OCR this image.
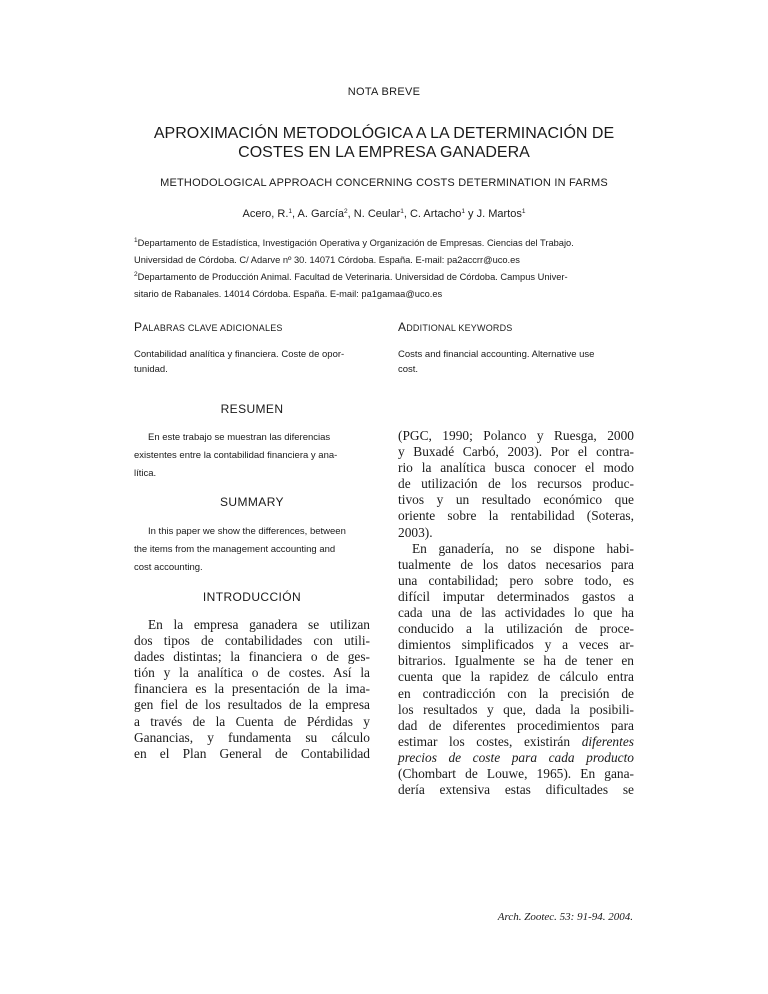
NOTA BREVE
APROXIMACIÓN METODOLÓGICA A LA DETERMINACIÓN DE
COSTES EN LA EMPRESA GANADERA
METHODOLOGICAL APPROACH CONCERNING COSTS DETERMINATION IN FARMS
Acero, R.$^1$, A. García$^2$, N. Ceular$^1$, C. Artacho$^1$ y J. Martos$^1$
$^1$Departamento de Estadística, Investigación Operativa y Organización de Empresas. Ciencias del Trabajo.
Universidad de Córdoba. C/ Adarve nº 30. 14071 Córdoba. España. E-mail: pa2accrr@uco.es
$^2$Departamento de Producción Animal. Facultad de Veterinaria. Universidad de Córdoba. Campus Univer-
sitario de Rabanales. 14014 Córdoba. España. E-mail: pa1gamaa@uco.es
PALABRAS CLAVE ADICIONALES
Contabilidad analítica y financiera. Coste de opor-
tunidad.
ADDITIONAL KEYWORDS
Costs and financial accounting. Alternative use
cost.
RESUMEN
En este trabajo se muestran las diferencias
existentes entre la contabilidad financiera y ana-
lítica.
SUMMARY
In this paper we show the differences, between
the items from the management accounting and
cost accounting.
INTRODUCCIÓN
En la empresa ganadera se utilizan
dos tipos de contabilidades con utili-
dades distintas; la financiera o de ges-
tión y la analítica o de costes. Así la
financiera es la presentación de la ima-
gen fiel de los resultados de la empresa
a través de la Cuenta de Pérdidas y
Ganancias, y fundamenta su cálculo
en el Plan General de Contabilidad
(PGC, 1990; Polanco y Ruesga, 2000
y Buxadé Carbó, 2003). Por el contra-
rio la analítica busca conocer el modo
de utilización de los recursos produc-
tivos y un resultado económico que
oriente sobre la rentabilidad (Soteras,
2003).
En ganadería, no se dispone habi-
tualmente de los datos necesarios para
una contabilidad; pero sobre todo, es
difícil imputar determinados gastos a
cada una de las actividades lo que ha
conducido a la utilización de proce-
dimientos simplificados y a veces ar-
bitrarios. Igualmente se ha de tener en
cuenta que la rapidez de cálculo entra
en contradicción con la precisión de
los resultados y que, dada la posibili-
dad de diferentes procedimientos para
estimar los costes, existirán diferentes
precios de coste para cada producto
(Chombart de Louwe, 1965). En gana-
dería extensiva estas dificultades se
Arch. Zootec. 53: 91-94. 2004.
